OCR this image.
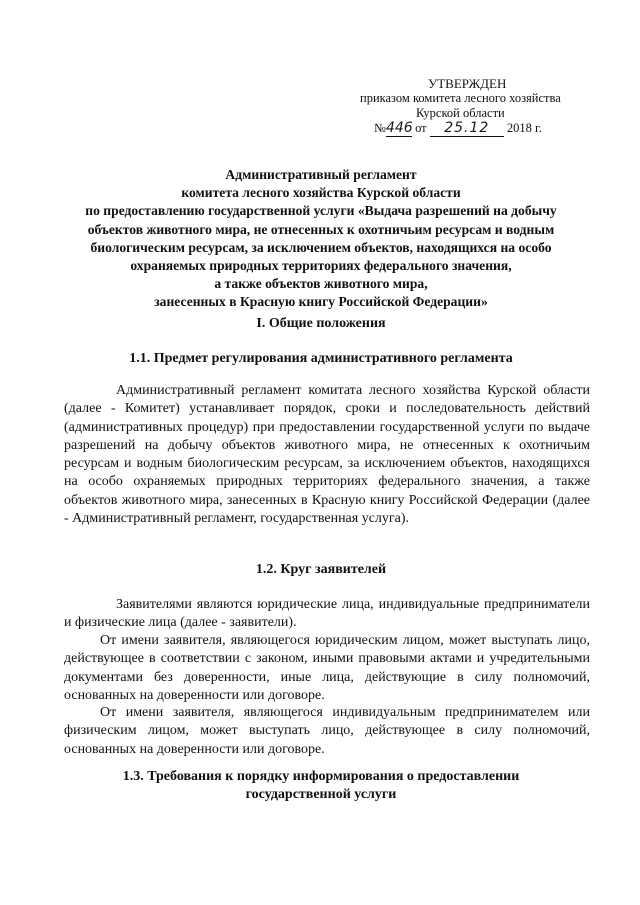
УТВЕРЖДЕН
приказом комитета лесного хозяйства
Курской области
№446 от 25.12 2018 г.
Административный регламент
комитета лесного хозяйства Курской области
по предоставлению государственной услуги «Выдача разрешений на добычу
объектов животного мира, не отнесенных к охотничьим ресурсам и водным
биологическим ресурсам, за исключением объектов, находящихся на особо
охраняемых природных территориях федерального значения,
а также объектов животного мира,
занесенных в Красную книгу Российской Федерации»
I. Общие положения
1.1. Предмет регулирования административного регламента
Административный регламент комитата лесного хозяйства Курской области (далее - Комитет) устанавливает порядок, сроки и последовательность действий (административных процедур) при предоставлении государственной услуги по выдаче разрешений на добычу объектов животного мира, не отнесенных к охотничьим ресурсам и водным биологическим ресурсам, за исключением объектов, находящихся на особо охраняемых природных территориях федерального значения, а также объектов животного мира, занесенных в Красную книгу Российской Федерации (далее - Административный регламент, государственная услуга).
1.2. Круг заявителей
Заявителями являются юридические лица, индивидуальные предприниматели и физические лица (далее - заявители).
От имени заявителя, являющегося юридическим лицом, может выступать лицо, действующее в соответствии с законом, иными правовыми актами и учредительными документами без доверенности, иные лица, действующие в силу полномочий, основанных на доверенности или договоре.
От имени заявителя, являющегося индивидуальным предпринимателем или физическим лицом, может выступать лицо, действующее в силу полномочий, основанных на доверенности или договоре.
1.3. Требования к порядку информирования о предоставлении
государственной услуги
